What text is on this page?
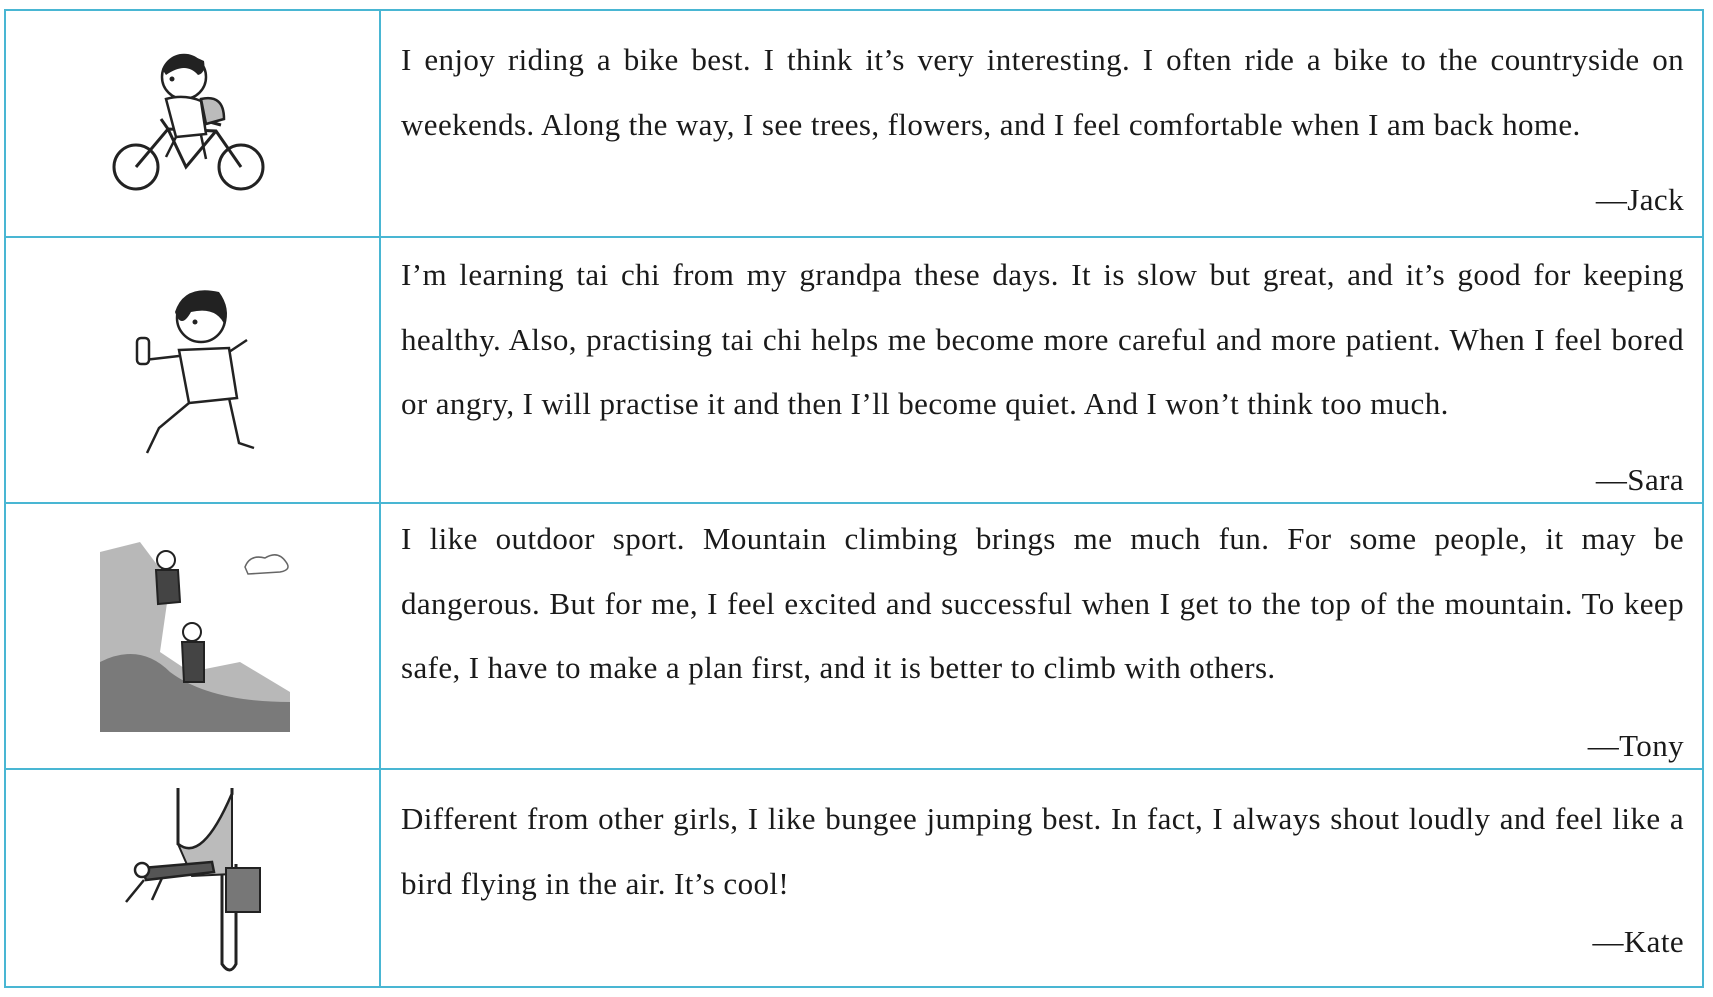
I enjoy riding a bike best. I think it’s very interesting. I often ride a bike to the countryside on weekends. Along the way, I see trees, flowers, and I feel comfortable when I am back home.

—Jack

I’m learning tai chi from my grandpa these days. It is slow but great, and it’s good for keeping healthy. Also, practising tai chi helps me become more careful and more patient. When I feel bored or angry, I will practise it and then I’ll become quiet. And I won’t think too much.

—Sara

I like outdoor sport. Mountain climbing brings me much fun. For some people, it may be dangerous. But for me, I feel excited and successful when I get to the top of the mountain. To keep safe, I have to make a plan first, and it is better to climb with others.

—Tony

Different from other girls, I like bungee jumping best. In fact, I always shout loudly and feel like a bird flying in the air. It’s cool!

—Kate
